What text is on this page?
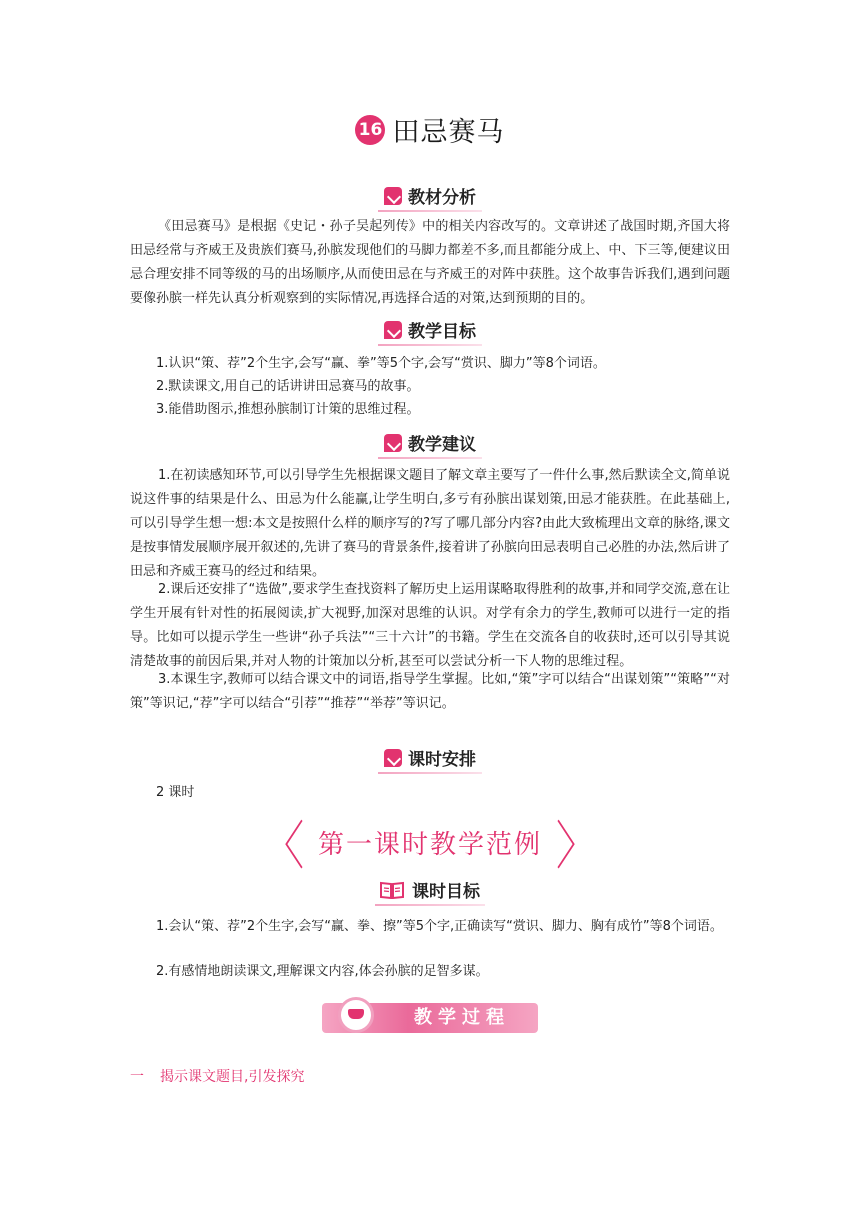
16 田忌赛马
教材分析

《田忌赛马》是根据《史记・孙子吴起列传》中的相关内容改写的。文章讲述了战国时期,齐国大将田忌经常与齐威王及贵族们赛马,孙膑发现他们的马脚力都差不多,而且都能分成上、中、下三等,便建议田忌合理安排不同等级的马的出场顺序,从而使田忌在与齐威王的对阵中获胜。这个故事告诉我们,遇到问题要像孙膑一样先认真分析观察到的实际情况,再选择合适的对策,达到预期的目的。

教学目标

1.认识“策、荐”2个生字,会写“赢、拳”等5个字,会写“赏识、脚力”等8个词语。

2.默读课文,用自己的话讲讲田忌赛马的故事。

3.能借助图示,推想孙膑制订计策的思维过程。

教学建议

1.在初读感知环节,可以引导学生先根据课文题目了解文章主要写了一件什么事,然后默读全文,简单说说这件事的结果是什么、田忌为什么能赢,让学生明白,多亏有孙膑出谋划策,田忌才能获胜。在此基础上,可以引导学生想一想:本文是按照什么样的顺序写的?写了哪几部分内容?由此大致梳理出文章的脉络,课文是按事情发展顺序展开叙述的,先讲了赛马的背景条件,接着讲了孙膑向田忌表明自己必胜的办法,然后讲了田忌和齐威王赛马的经过和结果。

2.课后还安排了“选做”,要求学生查找资料了解历史上运用谋略取得胜利的故事,并和同学交流,意在让学生开展有针对性的拓展阅读,扩大视野,加深对思维的认识。对学有余力的学生,教师可以进行一定的指导。比如可以提示学生一些讲“孙子兵法”“三十六计”的书籍。学生在交流各自的收获时,还可以引导其说清楚故事的前因后果,并对人物的计策加以分析,甚至可以尝试分析一下人物的思维过程。

3.本课生字,教师可以结合课文中的词语,指导学生掌握。比如,“策”字可以结合“出谋划策”“策略”“对策”等识记,“荐”字可以结合“引荐”“推荐”“举荐”等识记。

课时安排

2 课时

〈 第一课时教学范例 〉
课时目标

1.会认“策、荐”2个生字,会写“赢、拳、擦”等5个字,正确读写“赏识、脚力、胸有成竹”等8个词语。

2.有感情地朗读课文,理解课文内容,体会孙膑的足智多谋。

教学过程
一 揭示课文题目,引发探究
